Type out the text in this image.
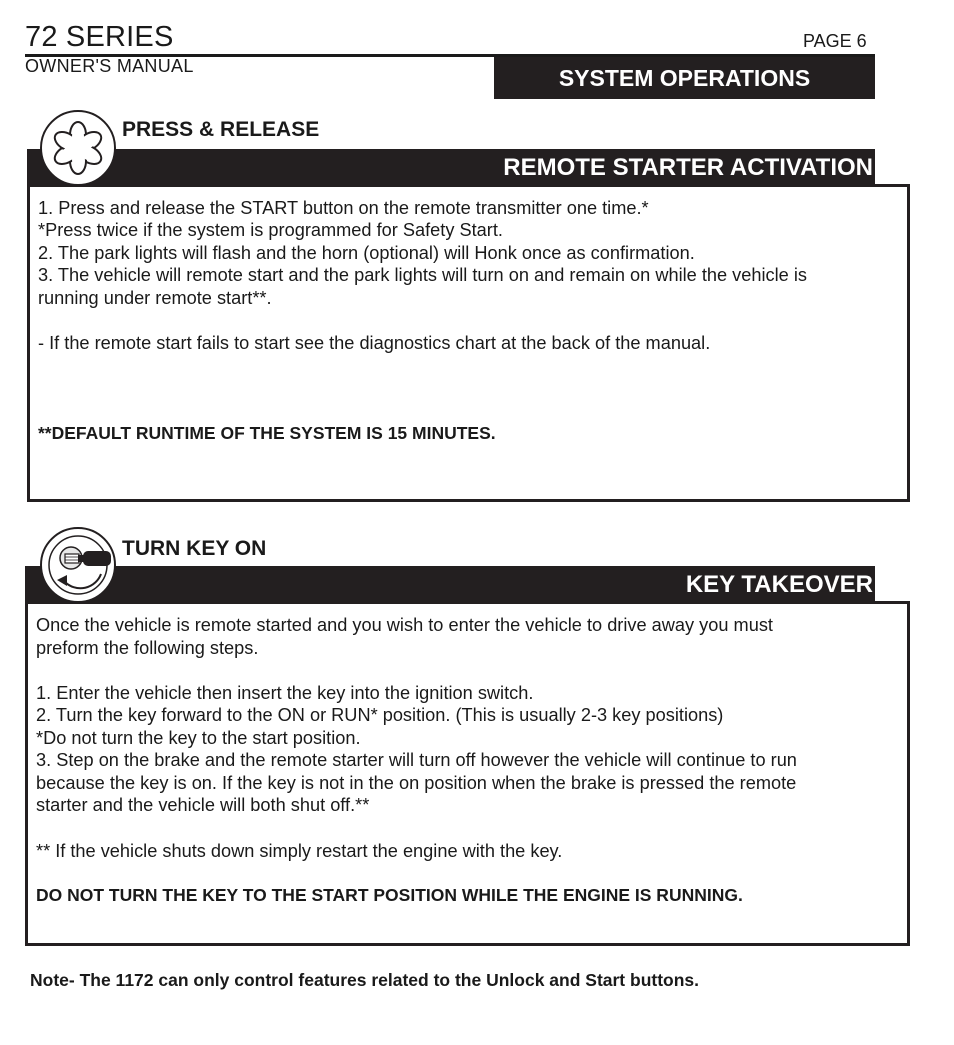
72 SERIES	PAGE 6
OWNER'S MANUAL	SYSTEM OPERATIONS
REMOTE STARTER ACTIVATION
PRESS & RELEASE
1. Press and release the START button on the remote transmitter one time.*
*Press twice if the system is programmed for Safety Start.
2. The park lights will flash and the horn (optional) will Honk once as confirmation.
3. The vehicle will remote start and the park lights will turn on and remain on while the vehicle is
running under remote start**.
- If the remote start fails to start see the diagnostics chart at the back of the manual.
**DEFAULT RUNTIME OF THE SYSTEM IS 15 MINUTES.
KEY TAKEOVER
TURN KEY ON
Once the vehicle is remote started and you wish to enter the vehicle to drive away you must
preform the following steps.
1. Enter the vehicle then insert the key into the ignition switch.
2. Turn the key forward to the ON or RUN* position. (This is usually 2-3 key positions)
*Do not turn the key to the start position.
3. Step on the brake and the remote starter will turn off however the vehicle will continue to run
because the key is on. If the key is not in the on position when the brake is pressed the remote
starter and the vehicle will both shut off.**
** If the vehicle shuts down simply restart the engine with the key.
DO NOT TURN THE KEY TO THE START POSITION WHILE THE ENGINE IS RUNNING.
Note- The 1172 can only control features related to the Unlock and Start buttons.
